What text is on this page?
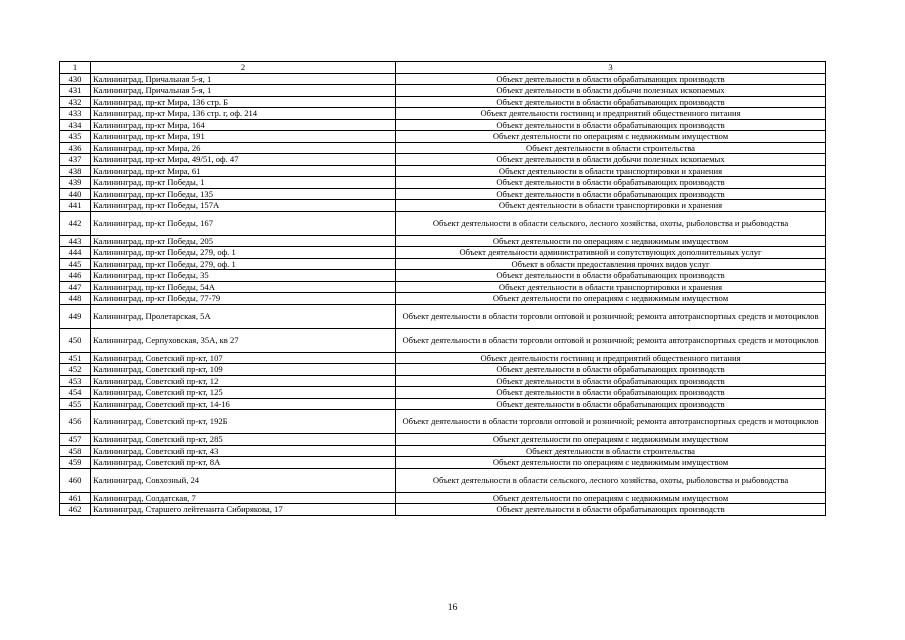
1	2	3
430	Калининград, Причальная 5-я, 1	Объект деятельности в области обрабатывающих производств
431	Калининград, Причальная 5-я, 1	Объект деятельности в области добычи полезных ископаемых
432	Калининград, пр-кт Мира, 136 стр. Б	Объект деятельности в области обрабатывающих производств
433	Калининград, пр-кт Мира, 136 стр. г, оф. 214	Объект деятельности гостиниц и предприятий общественного питания
434	Калининград, пр-кт Мира, 164	Объект деятельности в области обрабатывающих производств
435	Калининград, пр-кт Мира, 191	Объект деятельности по операциям с недвижимым имуществом
436	Калининград, пр-кт Мира, 26	Объект деятельности в области строительства
437	Калининград, пр-кт Мира, 49/51, оф. 47	Объект деятельности в области добычи полезных ископаемых
438	Калининград, пр-кт Мира, 61	Объект деятельности в области транспортировки и хранения
439	Калининград, пр-кт Победы, 1	Объект деятельности в области обрабатывающих производств
440	Калининград, пр-кт Победы, 135	Объект деятельности в области обрабатывающих производств
441	Калининград, пр-кт Победы, 157А	Объект деятельности в области транспортировки и хранения
442	Калининград, пр-кт Победы, 167	Объект деятельности в области сельского, лесного хозяйства, охоты, рыболовства и рыбоводства
443	Калининград, пр-кт Победы, 205	Объект деятельности по операциям с недвижимым имуществом
444	Калининград, пр-кт Победы, 279, оф. 1	Объект деятельности административной и сопутствующих дополнительных услуг
445	Калининград, пр-кт Победы, 279, оф. 1	Объект в области предоставления прочих видов услуг
446	Калининград, пр-кт Победы, 35	Объект деятельности в области обрабатывающих производств
447	Калининград, пр-кт Победы, 54А	Объект деятельности в области транспортировки и хранения
448	Калининград, пр-кт Победы, 77-79	Объект деятельности по операциям с недвижимым имуществом
449	Калининград, Пролетарская, 5А	Объект деятельности в области торговли оптовой и розничной; ремонта автотранспортных средств и мотоциклов
450	Калининград, Серпуховская, 35А, кв 27	Объект деятельности в области торговли оптовой и розничной; ремонта автотранспортных средств и мотоциклов
451	Калининград, Советский пр-кт, 107	Объект деятельности гостиниц и предприятий общественного питания
452	Калининград, Советский пр-кт, 109	Объект деятельности в области обрабатывающих производств
453	Калининград, Советский пр-кт, 12	Объект деятельности в области обрабатывающих производств
454	Калининград, Советский пр-кт, 125	Объект деятельности в области обрабатывающих производств
455	Калининград, Советский пр-кт, 14-16	Объект деятельности в области обрабатывающих производств
456	Калининград, Советский пр-кт, 192Б	Объект деятельности в области торговли оптовой и розничной; ремонта автотранспортных средств и мотоциклов
457	Калининград, Советский пр-кт, 285	Объект деятельности по операциям с недвижимым имуществом
458	Калининград, Советский пр-кт, 43	Объект деятельности в области строительства
459	Калининград, Советский пр-кт, 8А	Объект деятельности по операциям с недвижимым имуществом
460	Калининград, Совхозный, 24	Объект деятельности в области сельского, лесного хозяйства, охоты, рыболовства и рыбоводства
461	Калининград, Солдатская, 7	Объект деятельности по операциям с недвижимым имуществом
462	Калининград, Старшего лейтенанта Сибирякова, 17	Объект деятельности в области обрабатывающих производств
16
